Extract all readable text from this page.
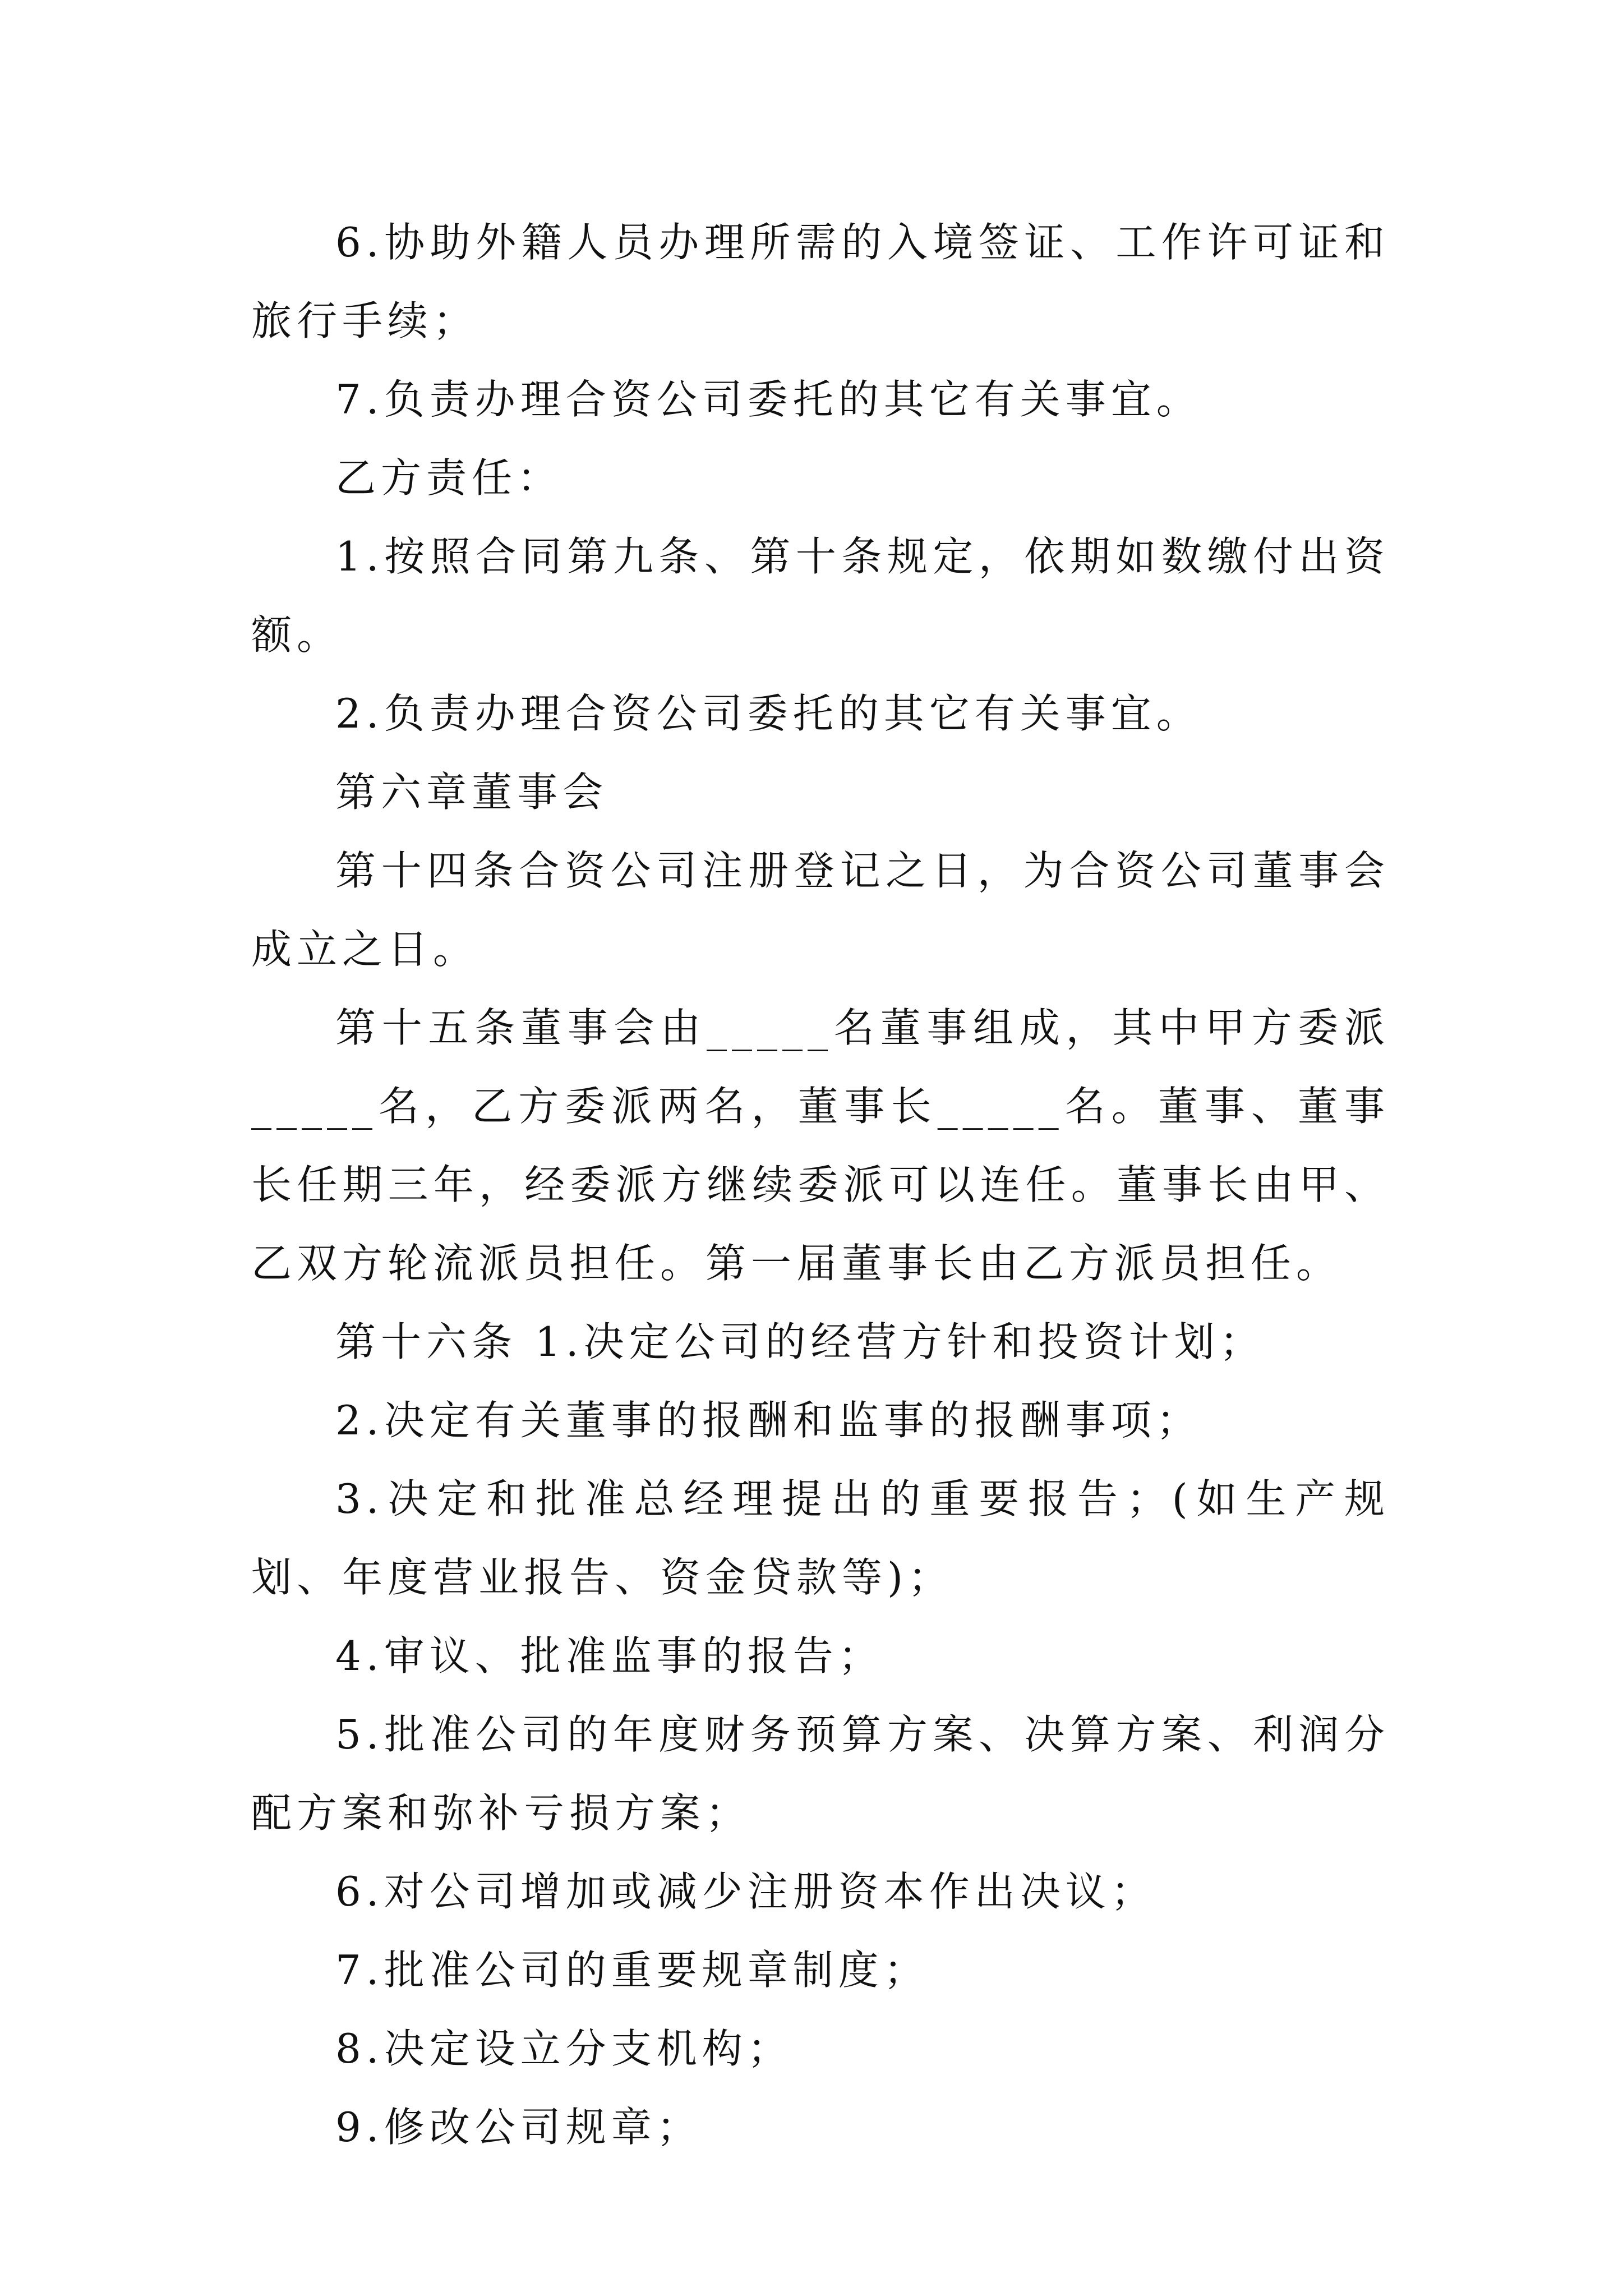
6.协助外籍人员办理所需的入境签证、工作许可证和旅行手续；

7.负责办理合资公司委托的其它有关事宜。

乙方责任：

1.按照合同第九条、第十条规定，依期如数缴付出资额。

2.负责办理合资公司委托的其它有关事宜。

第六章董事会

第十四条合资公司注册登记之日，为合资公司董事会成立之日。

第十五条董事会由_____名董事组成，其中甲方委派_____名，乙方委派两名，董事长_____名。董事、董事长任期三年，经委派方继续委派可以连任。董事长由甲、乙双方轮流派员担任。第一届董事长由乙方派员担任。

第十六条 1.决定公司的经营方针和投资计划；

2.决定有关董事的报酬和监事的报酬事项；

3.决定和批准总经理提出的重要报告；(如生产规划、年度营业报告、资金贷款等)；

4.审议、批准监事的报告；

5.批准公司的年度财务预算方案、决算方案、利润分配方案和弥补亏损方案；

6.对公司增加或减少注册资本作出决议；

7.批准公司的重要规章制度；

8.决定设立分支机构；

9.修改公司规章；
